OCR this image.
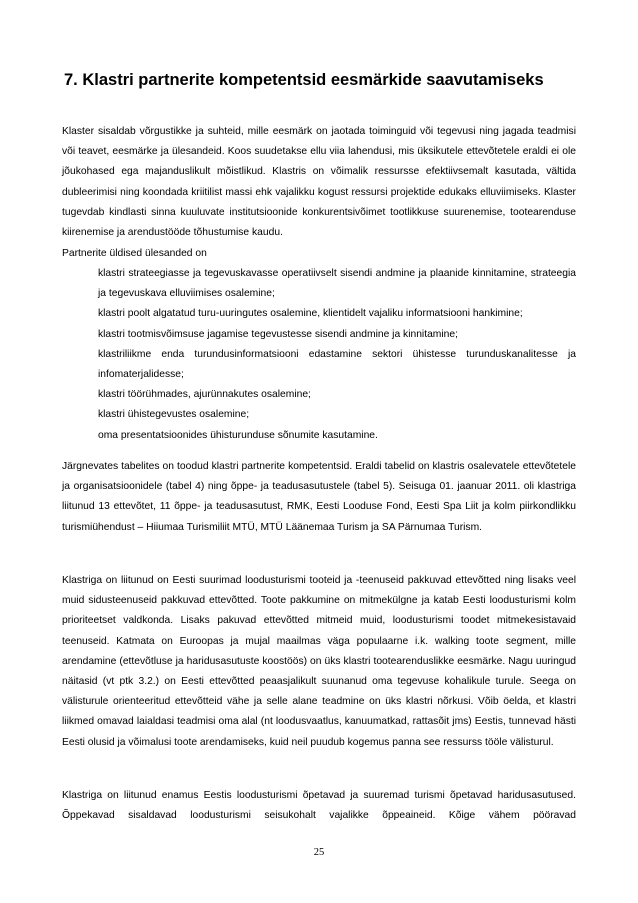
7. Klastri partnerite kompetentsid eesmärkide saavutamiseks
Klaster sisaldab võrgustikke ja suhteid, mille eesmärk on jaotada toiminguid või tegevusi ning jagada teadmisi või teavet, eesmärke ja ülesandeid. Koos suudetakse ellu viia lahendusi, mis üksikutele ettevõtetele eraldi ei ole jõukohased ega majanduslikult mõistlikud. Klastris on võimalik ressursse efektiivsemalt kasutada, vältida dubleerimisi ning koondada kriitilist massi ehk vajalikku kogust ressursi projektide edukaks elluviimiseks. Klaster tugevdab kindlasti sinna kuuluvate institutsioonide konkurentsivõimet tootlikkuse suurenemise, tootearenduse kiirenemise ja arendustööde tõhustumise kaudu.
Partnerite üldised ülesanded on
klastri strateegiasse ja tegevuskavasse operatiivselt sisendi andmine ja plaanide kinnitamine, strateegia ja tegevuskava elluviimises osalemine;
klastri poolt algatatud turu-uuringutes osalemine, klientidelt vajaliku informatsiooni hankimine;
klastri tootmisvõimsuse jagamise tegevustesse sisendi andmine ja kinnitamine;
klastriliikme enda turundusinformatsiooni edastamine sektori ühistesse turunduskanalitesse ja infomaterjalidesse;
klastri töörühmades, ajurünnakutes osalemine;
klastri ühistegevustes osalemine;
oma presentatsioonides ühisturunduse sõnumite kasutamine.
Järgnevates tabelites on toodud klastri partnerite kompetentsid. Eraldi tabelid on klastris osalevatele ettevõtetele ja organisatsioonidele (tabel 4) ning õppe- ja teadusasutustele (tabel 5). Seisuga 01. jaanuar 2011. oli klastriga liitunud 13 ettevõtet, 11 õppe- ja teadusasutust, RMK, Eesti Looduse Fond, Eesti Spa Liit ja kolm piirkondlikku turismiühendust – Hiiumaa Turismiliit MTÜ, MTÜ Läänemaa Turism ja SA Pärnumaa Turism.
Klastriga on liitunud on Eesti suurimad loodusturismi tooteid ja -teenuseid pakkuvad ettevõtted ning lisaks veel muid sidusteenuseid pakkuvad ettevõtted. Toote pakkumine on mitmekülgne ja katab Eesti loodusturismi kolm prioriteetset valdkonda. Lisaks pakuvad ettevõtted mitmeid muid, loodusturismi toodet mitmekesistavaid teenuseid. Katmata on Euroopas ja mujal maailmas väga populaarne i.k. walking toote segment, mille arendamine (ettevõtluse ja haridusasutuste koostöös) on üks klastri tootearenduslikke eesmärke. Nagu uuringud näitasid (vt ptk 3.2.) on Eesti ettevõtted peaasjalikult suunanud oma tegevuse kohalikule turule. Seega on välisturule orienteeritud ettevõtteid vähe ja selle alane teadmine on üks klastri nõrkusi. Võib öelda, et klastri liikmed omavad laialdasi teadmisi oma alal (nt loodusvaatlus, kanuumatkad, rattasõit jms) Eestis, tunnevad hästi Eesti olusid ja võimalusi toote arendamiseks, kuid neil puudub kogemus panna see ressurss tööle välisturul.
Klastriga on liitunud enamus Eestis loodusturismi õpetavad ja suuremad turismi õpetavad haridusasutused. Õppekavad sisaldavad loodusturismi seisukohalt vajalikke õppeaineid. Kõige vähem pööravad
25
